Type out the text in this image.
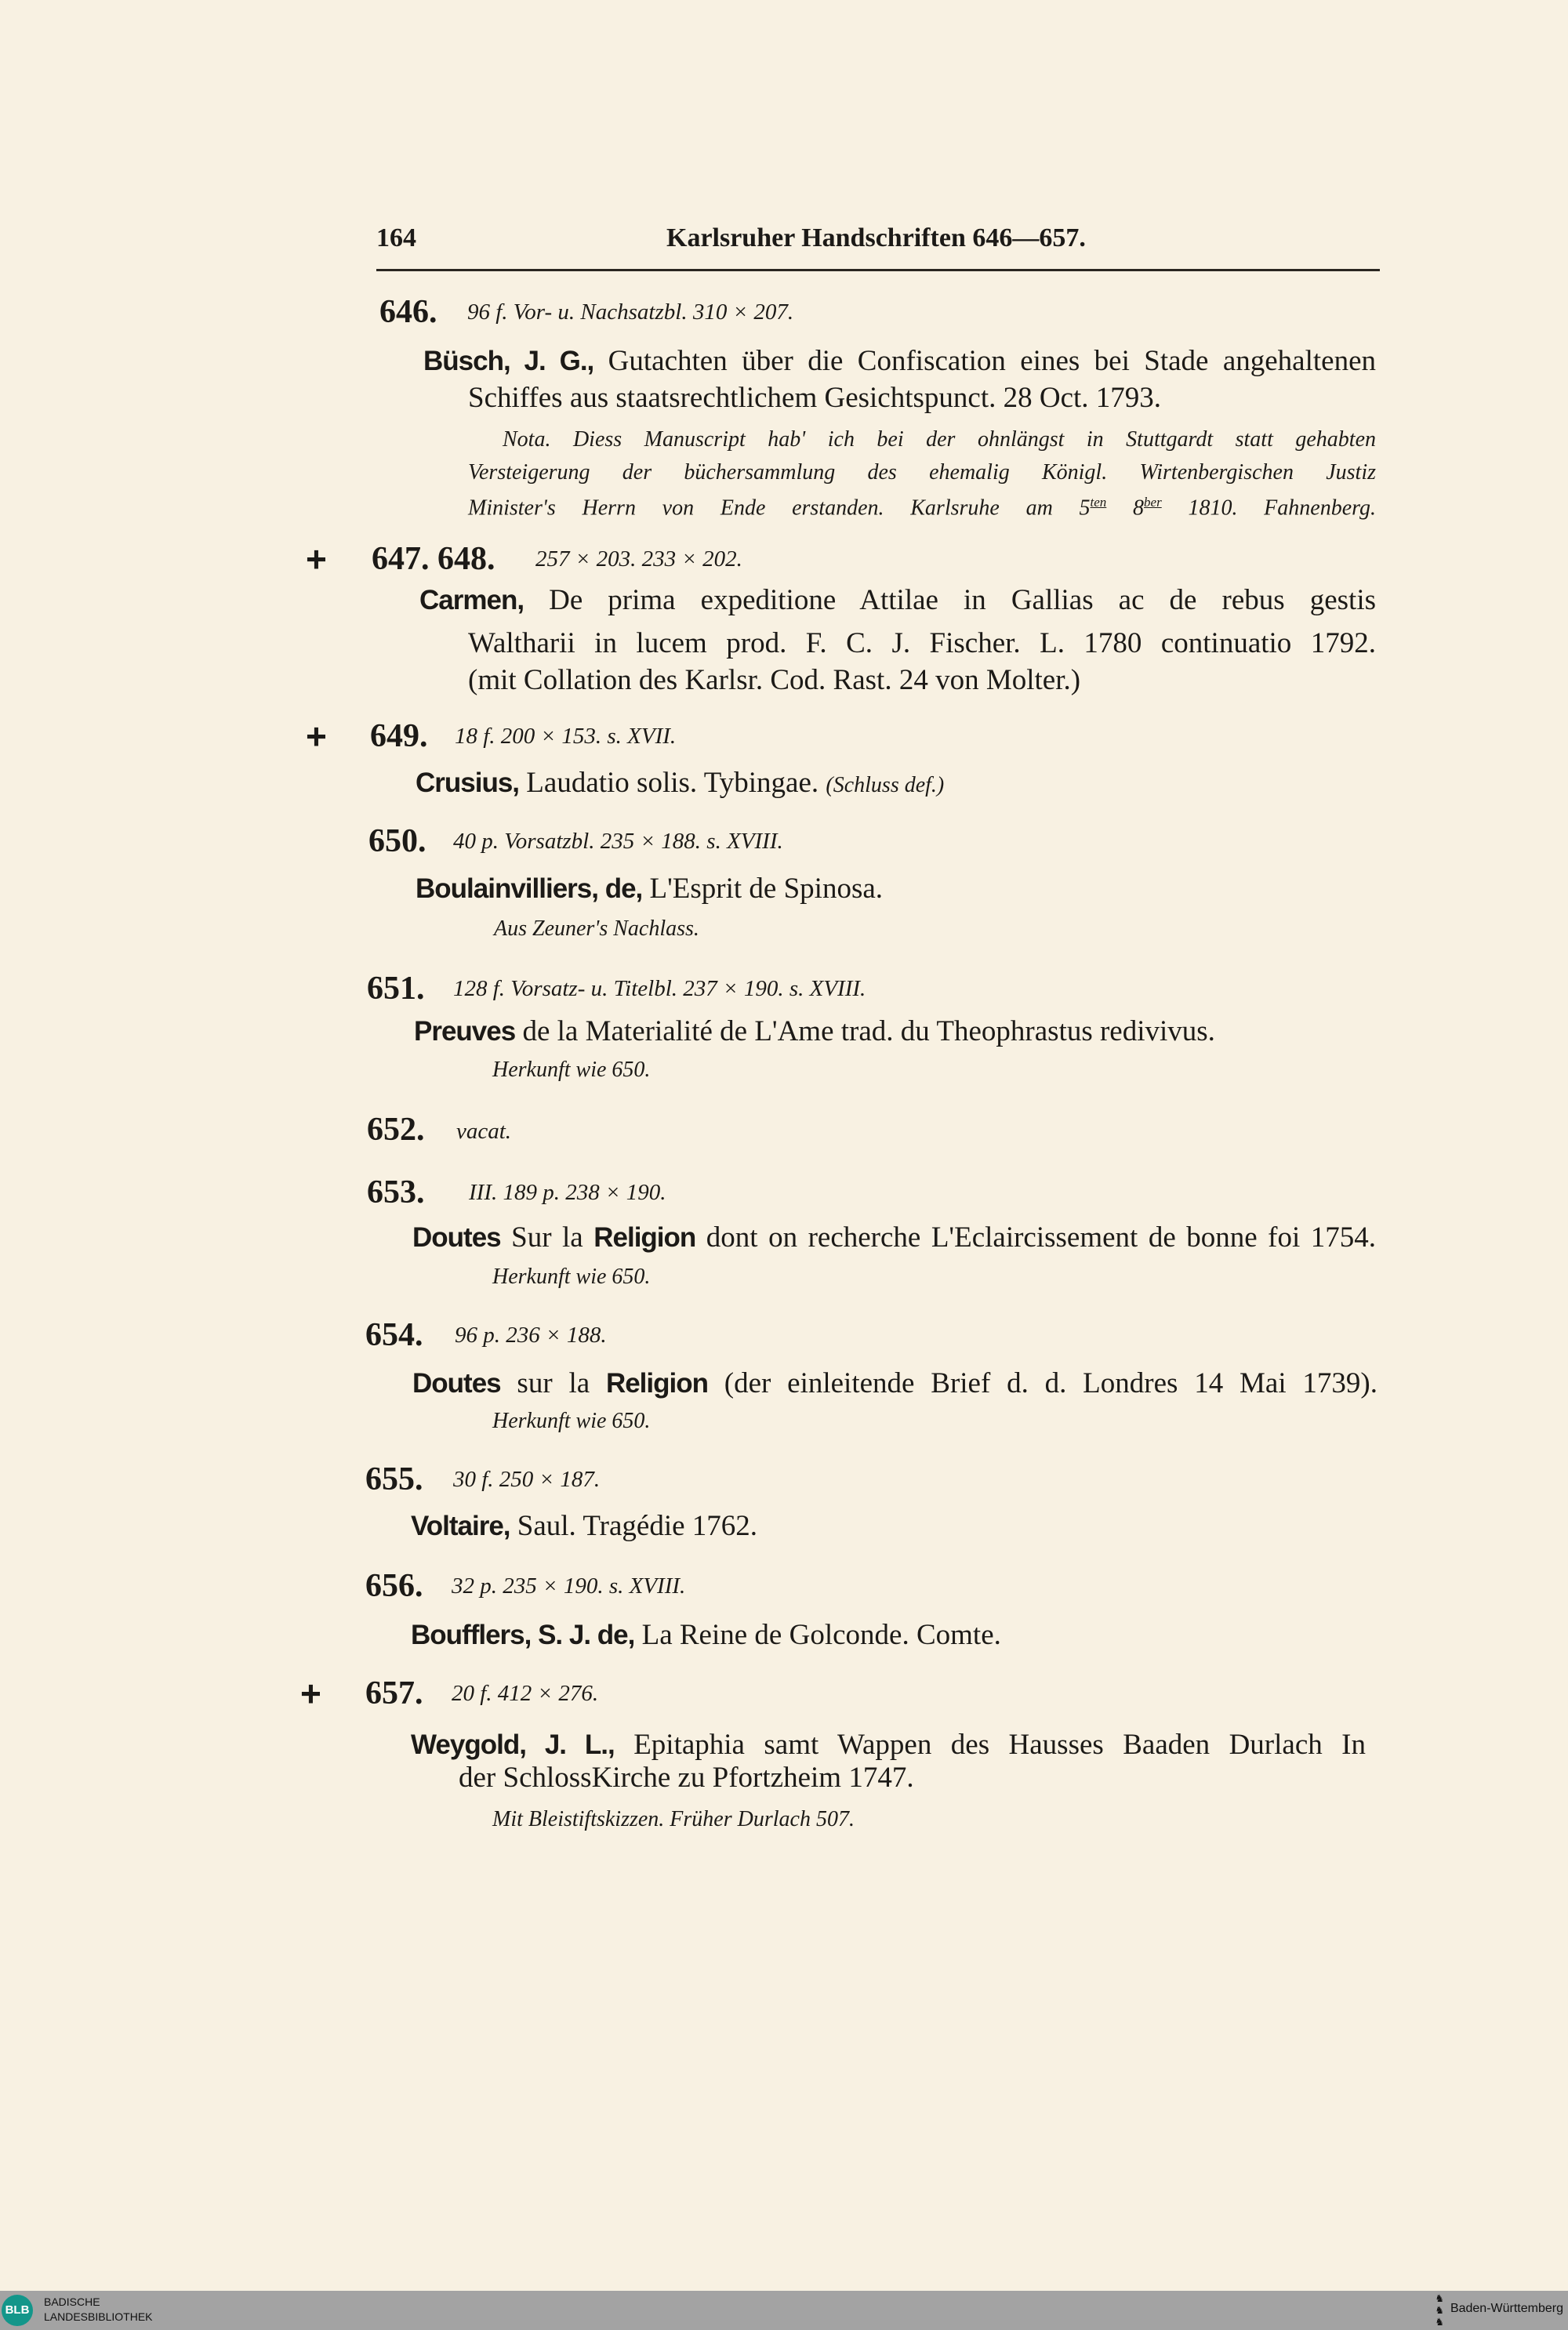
164	Karlsruher Handschriften 646—657.
646. 96 f. Vor- u. Nachsatzbl. 310 × 207.
Büsch, J. G., Gutachten über die Confiscation eines bei Stade angehaltenen
Schiffes aus staatsrechtlichem Gesichtspunct. 28 Oct. 1793.
Nota. Diess Manuscript hab' ich bei der ohnlängst in Stuttgardt statt gehabten
Versteigerung der büchersammlung des ehemalig Königl. Wirtenbergischen Justiz
Minister's Herrn von Ende erstanden. Karlsruhe am $5^{ten}$ $8^{ber}$ 1810. Fahnenberg.
+ 647. 648. 257 × 203. 233 × 202.
Carmen, De prima expeditione Attilae in Gallias ac de rebus gestis
Waltharii in lucem prod. F. C. J. Fischer. L. 1780 continuatio 1792.
(mit Collation des Karlsr. Cod. Rast. 24 von Molter.)
+ 649. 18 f. 200 × 153. s. XVII.
Crusius, Laudatio solis. Tybingae. (Schluss def.)
650. 40 p. Vorsatzbl. 235 × 188. s. XVIII.
Boulainvilliers, de, L'Esprit de Spinosa.
Aus Zeuner's Nachlass.
651. 128 f. Vorsatz- u. Titelbl. 237 × 190. s. XVIII.
Preuves de la Materialité de L'Ame trad. du Theophrastus redivivus.
Herkunft wie 650.
652. vacat.
653. III. 189 p. 238 × 190.
Doutes Sur la Religion dont on recherche L'Eclaircissement de bonne foi 1754.
Herkunft wie 650.
654. 96 p. 236 × 188.
Doutes sur la Religion (der einleitende Brief d. d. Londres 14 Mai 1739).
Herkunft wie 650.
655. 30 f. 250 × 187.
Voltaire, Saul. Tragédie 1762.
656. 32 p. 235 × 190. s. XVIII.
Boufflers, S. J. de, La Reine de Golconde. Comte.
+ 657. 20 f. 412 × 276.
Weygold, J. L., Epitaphia samt Wappen des Hausses Baaden Durlach In
der SchlossKirche zu Pfortzheim 1747.
Mit Bleistiftskizzen. Früher Durlach 507.
BLB
BADISCHE
LANDESBIBLIOTHEK
♞
♞
♞
Baden-Württemberg
